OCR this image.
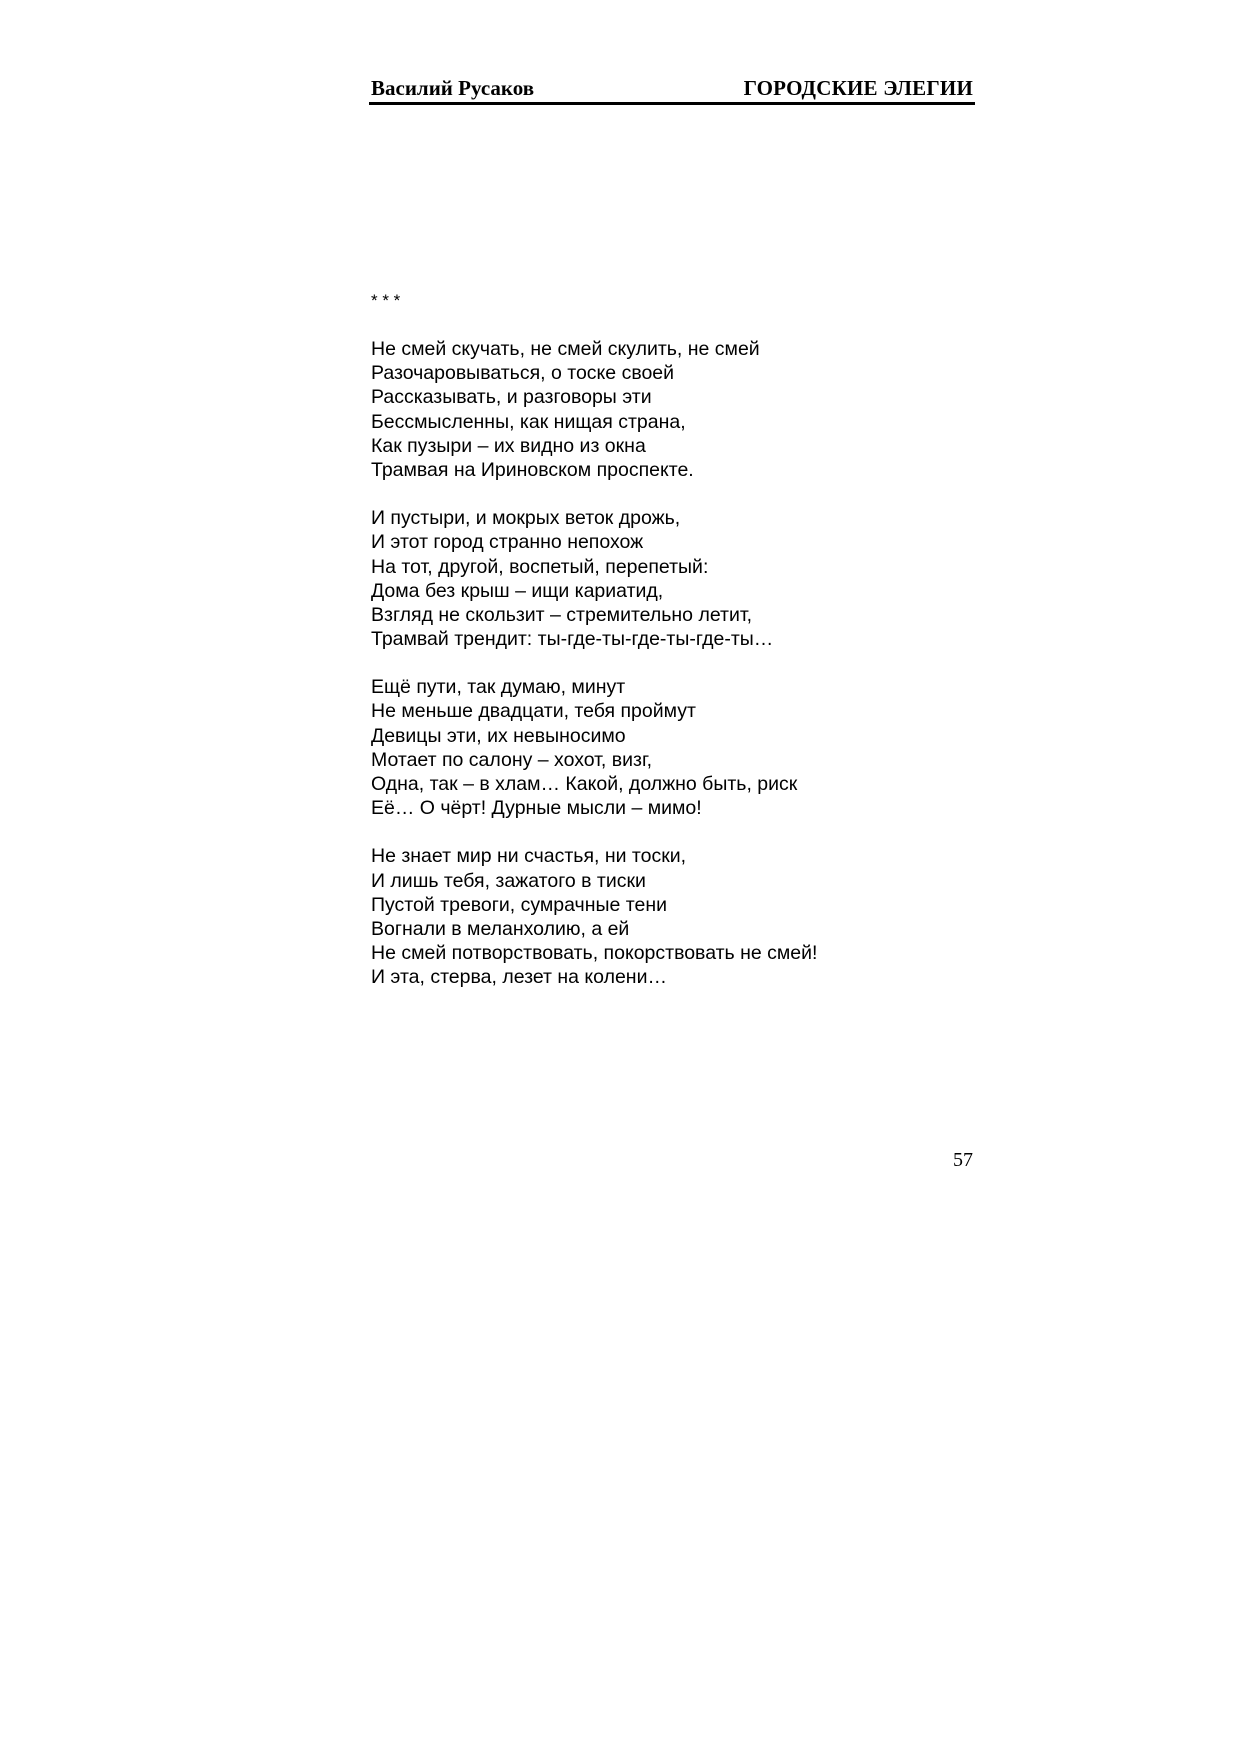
Василий Русаков	ГОРОДСКИЕ ЭЛЕГИИ
* * *
Не смей скучать, не смей скулить, не смей
Разочаровываться, о тоске своей
Рассказывать, и разговоры эти
Бессмысленны, как нищая страна,
Как пузыри – их видно из окна
Трамвая на Ириновском проспекте.
И пустыри, и мокрых веток дрожь,
И этот город странно непохож
На тот, другой, воспетый, перепетый:
Дома без крыш – ищи кариатид,
Взгляд не скользит – стремительно летит,
Трамвай трендит: ты-где-ты-где-ты-где-ты…
Ещё пути, так думаю, минут
Не меньше двадцати, тебя проймут
Девицы эти, их невыносимо
Мотает по салону – хохот, визг,
Одна, так – в хлам… Какой, должно быть, риск
Её… О чёрт! Дурные мысли – мимо!
Не знает мир ни счастья, ни тоски,
И лишь тебя, зажатого в тиски
Пустой тревоги, сумрачные тени
Вогнали в меланхолию, а ей
Не смей потворствовать, покорствовать не смей!
И эта, стерва, лезет на колени…
57
